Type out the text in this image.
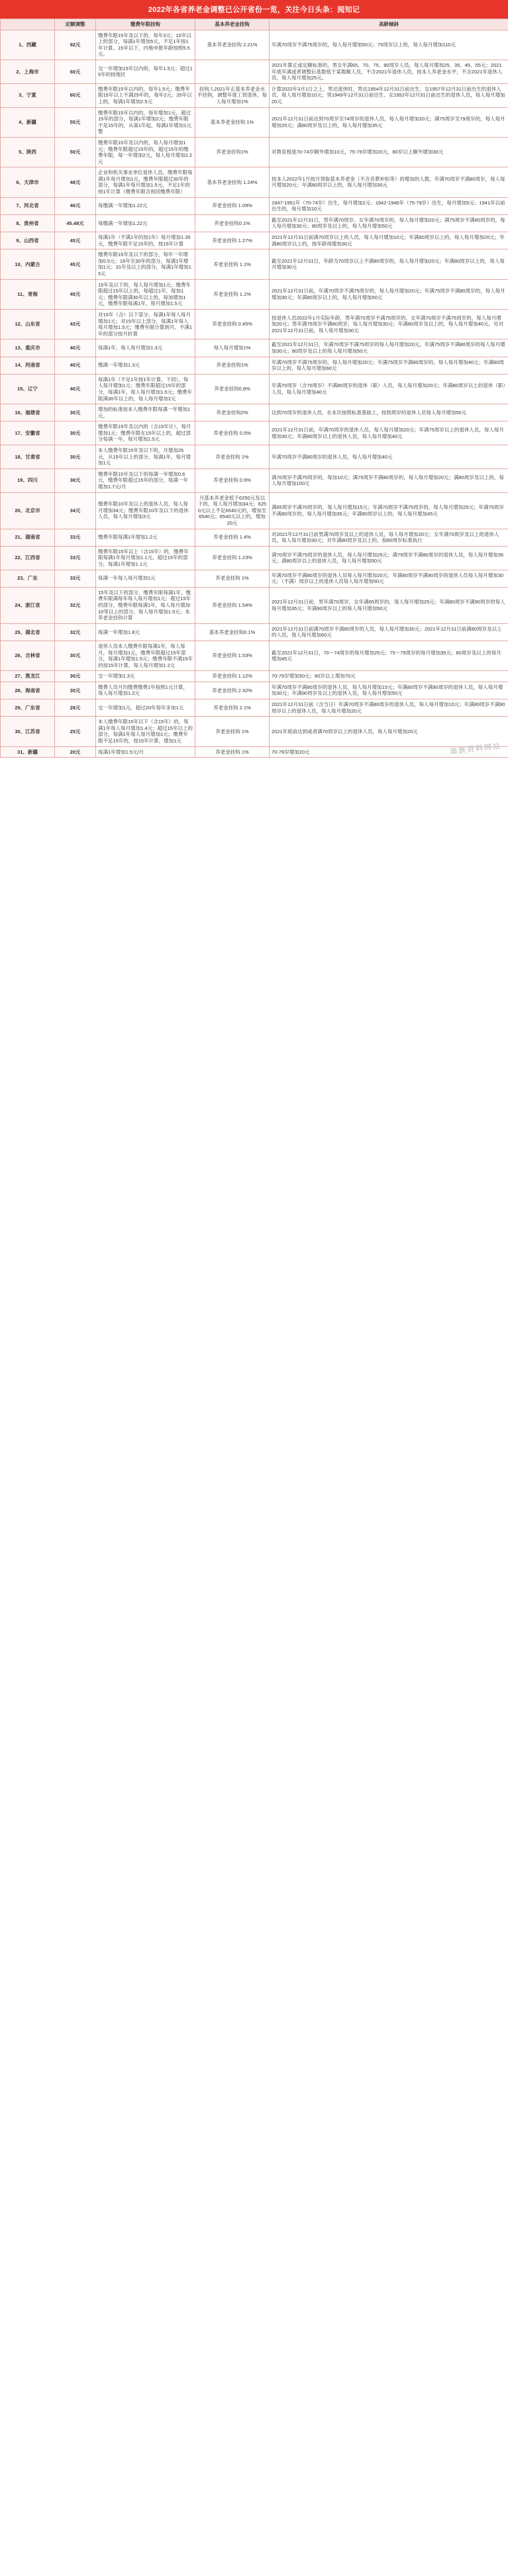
2022年各省养老金调整已公开省份一览，关注今日头条：阅知记
	定额调整	缴费年限挂钩	基本养老金挂钩	高龄倾斜
1、西藏	92元	缴费年限15年及以下的，每年3元；15年以上的部分，每满1年增加5元，不足1年按1年计算。15年以下，内地申报年龄按照5.5元。	基本养老金挂钩 2.21%	年满70周岁不满75周岁的，每人每月增加50元；75周岁以上的，每人每月增加110元
2、上海市	60元	交一年增加15年以内的，每年1.5元；超过15年的按地区		2021年算正或定额标准的，男女年满65、70、75、80周岁人员，每人每月增加25、35、45、55元；2021年底年满或者调整后基数低于某数额人员，不含2021年退休人员，按本人养老金水平，不含2021年退休人员，每人每月增加25元。
3、宁夏	60元	缴费年限15年以内的，每年1.5元；缴费年限15年以上不满25年的，每年2元；25年以上的，每满1年增加2.5元	挂钩人2021年正基本养老金水平挂钩，调整年度工资退休，每人每月增加1%	计算2022年3月1日之上，男达退休时，男达1954年12月31日前出生、女1957年12月31日前出生的退休人员，每人每月增加10元；男1949年12月31日前出生、女1952年12月31日前出生的退休人员，每人每月增加20元
4、新疆	55元	缴费年限15年以内的，每年增加1元，超过15年的部分，每满1年增加2元；缴费年限不足15年的，从第1年起，每满1年增加1元整	基本养老金挂钩 1%	2021年12月31日前达到70周岁至74周岁的退休人员，每人每月增加20元；满75周岁至79周岁的，每人每月增加25元；满80周岁及以上的，每人每月增加35元
5、陕西	50元	缴费年限15年及以内的，每人每月增加1元；缴费年限超过15年的，超过15年的缴费年限，每一年增加2元，每人每月增加2.2元	养老金挂钩1%	对教育程度70-74岁额外增加10元，75-79岁增加20元，80岁以上额外增加30元
6、天津市	48元	企业和机关事业单位退休人员，缴费年限每满1年每月增加1元，缴费年限超过30年的部分，每满1年每月增加1.5元，不足1年的按1年计算（缴费年限含视同缴费年限）	基本养老金挂钩 1.24%	按本人2022年1月按月领取基本养老金（不含丧葬补贴等）的增加的人数，年满70周岁不满80周岁，每人每月增加20元；年满80周岁以上的，每人每月增加30元
7、河北省	46元	每缴满一年增加1.22元	养老金挂钩 1.09%	1947-1951年（70-74岁）出生，每月增加2元；1942-1946年（75-79岁）出生，每月增加5元；1941年以前出生的，每月增加10元
8、贵州省	45.48元	每缴满一年增加1.22元	养老金挂钩0.1%	截至2021年12月31日，男年满70周岁、女年满70周岁的，每人每月增加20元；满75周岁不满80周岁的，每人每月增加30元；80周岁及以上的，每人每月增加50元
9、山西省	45元	每满1年（不满1年的按1年）每月增加1.35元，缴费年限不足15年的，按15年计算	养老金挂钩 1.27%	2021年12月31日前满70周岁以上的人员，每人每月增加10元；年满80周岁以上的，每人每月增加20元；年满80周岁以上的，按年龄再增加30元
10、内蒙古	45元	缴费年限15年及以下的部分，每年一年增加0.5元；16年至30年的部分，每满1年增加1元；31年及以上的部分，每满1年增加1.5元	养老金挂钩 1.1%	截至2021年12月31日，年龄为70周岁以上不满80周岁的，每人每月增加20元；年满80周岁以上的，每人每月增加30元
11、青海	45元	15年及以下的，每人每月增加1元；缴费年限超过15年以上的，每超过1年，每加1元；缴费年限满30年以上的，每加增加1元，缴费年限每满1年，每月增加1.5元	养老金挂钩 1.1%	2021年12月31日前，年满70周岁不满75周岁的，每人每月增加20元；年满75周岁不满80周岁的，每人每月增加30元；年满80周岁以上的，每人每月增加50元
12、山东省	43元	对15年（含）以下部分，每满1年每人每月增加1元；对15年以上部分，每满1年每人每月增加1.5元；缴费年限计算到月，不满1年的部分按月折算	养老金挂钩 0.45%	按退休人员2022年1月实际年龄，男年满70周岁不满75周岁的、女年满70周岁不满75周岁的，每人每月增加20元；男年满75周岁不满80周岁，每人每月增加30元；年满80周岁及以上的，每人每月增加40元。另对2021年12月31日前，每人每月增加30元
13、重庆市	40元	每满1年，每人每月增加1.3元	每人每月增加1%	截至2021年12月31日，年满70周岁不满75周岁的每人每月增加20元，年满75周岁不满80周岁的每人每月增加30元；80周岁及以上的每人每月增加50元
14、河南省	40元	缴满一年增加1.3元	养老金挂钩1%	年满70周岁不满75周岁的，每人每月增加20元；年满75周岁不满80周岁的，每人每月增加40元；年满80周岁以上的，每人每月增加60元
15、辽宁	40元	每满1年（不足1年按1年计算，下同），每人每月增加1元；缴费年限超过15年的部分，每满1年，每人每月增加1.5元；缴费年限满30年以上的，每人每月增加2元	养老金挂钩0.8%	年满70周岁（含70周岁）不满80周岁的退休（职）人员，每人每月增加20元；年满80周岁以上的退休（职）人员，每人每月增加40元
16、福建省	30元	增加的标准按本人缴费年限每满一年增加1元。	养老金挂钩2%	达到70周岁的退休人员，在本次按照标准基础上，按到周岁的退休人员每人每月增加50元
17、安徽省	30元	缴费年限15年及以内的（含15年计），每月增加1元；缴费年限在15年以上的，超过部分每满一年，每月增加1.5元	养老金挂钩 0.5%	2021年12月31日前，年满70周岁的退休人员，每人每月增加20元；年满75周岁以上的退休人员，每人每月增加30元；年满80周岁以上的退休人员，每人每月增加40元
18、甘肃省	30元	本人缴费年限15年及以下的，月增加25元，从15年以上的部分，每满1年，每月增加1元	养老金挂钩 1%	年满70周岁不满80周岁的退休人员，每人每月增加40元
19、四川	38元	缴费年限15年及以下的每满一年增加0.6元，缴费年限超过15年的部分，每满一年增加1.7元/月	养老金挂钩 0.9%	满70周岁不满75周岁的，每加10元；满75周岁不满80周岁的，每人每月增加20元；满80周岁及以上的，每人每月增加100元
20、北京市	34元	缴费年限10年及以上的退休人员，每人每月增加34元；缴费年限10年及以下的退休人员，每人每月增加3元	月基本养老金低于6250元及以下的，每人每月增加34元；6250元以上不足6540元的，增加至6540元；6540元以上的，增加20元	满65周岁不满70周岁的，每人每月增加15元；年满70周岁不满75周岁的，每人每月增加25元；年满75周岁不满80周岁的，每人每月增加35元；年满80周岁以上的，每人每月增加45元
21、湖南省	33元	缴费年限每满1年增加1.2元	养老金挂钩 1.4%	对2021年12月31日前男满70周岁及以上的退休人员，每人每月增加20元；女年满70周岁及以上的退休人员，每人每月增加30元；对年满80周岁及以上的，按80周岁标准执行
22、江西省	33元	缴费年限15年以上（含15年）的，缴费年限每满1年每月增加1.1元，超过15年的部分，每满1年增加1.1元	养老金挂钩 1.23%	满70周岁不满75周岁的退休人员，每人每月增加25元；满75周岁不满80周岁的退休人员，每人每月增加35元；满80周岁以上的退休人员，每人每月增加50元
23、广东	33元	每满一年每人每月增加1元	养老金挂钩 1%	年满70周岁不满80周岁的退休人员每人每月增加20元；年满80周岁不满90周岁的退休人员每人每月增加30元；（不满）周岁以上的退休人员每人每月增加50元
24、浙江省	32元	15年及以下的部分，缴费年限每满1年，缴费年限满每年每人每月增加1元；超过15年的部分，缴费年限每满1年，每人每月增加10等以上的部分，每人每月增加1.5元；本养老金挂钩计算	养老金挂钩 1.54%	2021年12月31日前，男年满70周岁，女年满65周岁的，每人每月增加25元；年满80周岁不满90周岁的每人每月增加35元；年满90周岁以上的每人每月增加50元
25、湖北省	32元	每满一年增加1.8元	基本养老金挂钩0.1%	2021年12月31日前满70周岁不满80周岁的人员，每人每月增加30元；2021年12月31日前满80周岁及以上的人员，每人每月增加60元
26、吉林省	30元	退休人员本人缴费年限每满1年，每人每月，每月增加1元，缴费年限超过15年部分，每满1年增加1.5元；缴费年限不满15年的按15年计算，每人每月增加1.2元	养老金挂钩 1.53%	截至2021年12月31日，70～74周岁的每月增加25元；75～79周岁的每月增加35元；80周岁及以上的每月增加45元
27、黑龙江	30元	交一年增加1.3元	养老金挂钩 1.12%	70-79岁增加50元；80岁以上增加70元
28、海南省	30元	缴费人员月均缴费缴费1年按照1元计算，每人每月增加1.2元	养老金挂钩 2.32%	年满70周岁不满80周岁的退休人员，每人每月增加15元；年满80周岁不满90周岁的退休人员，每人每月增加30元；年满90周岁及以上的退休人员，每人每月增加50元
29、广东省	28元	交一年增加1元，超过20年每年多加1元	养老金挂钩 2.1%	2021年12月31日前（含当日）年满70周岁不满80周岁的退休人员，每人每月增加10元；年满80周岁不满90周岁以上的退休人员，每人每月增加20元
30、江苏省	25元	本人缴费年限15年以下（含15年）的，每满1年每人每月增加1.4元；超过15年以上的部分，每满1年每人每月增加1元；缴费年限不足15年的，按15年计算，增加1元	养老金挂钩 1%	2021年底前达到或者满70周岁以上的退休人员，每人每月增加20元
31、新疆	20元	每满1年增加1.5元/月	养老金挂钩 1%	70-79岁增加20元	迪族资料网站
